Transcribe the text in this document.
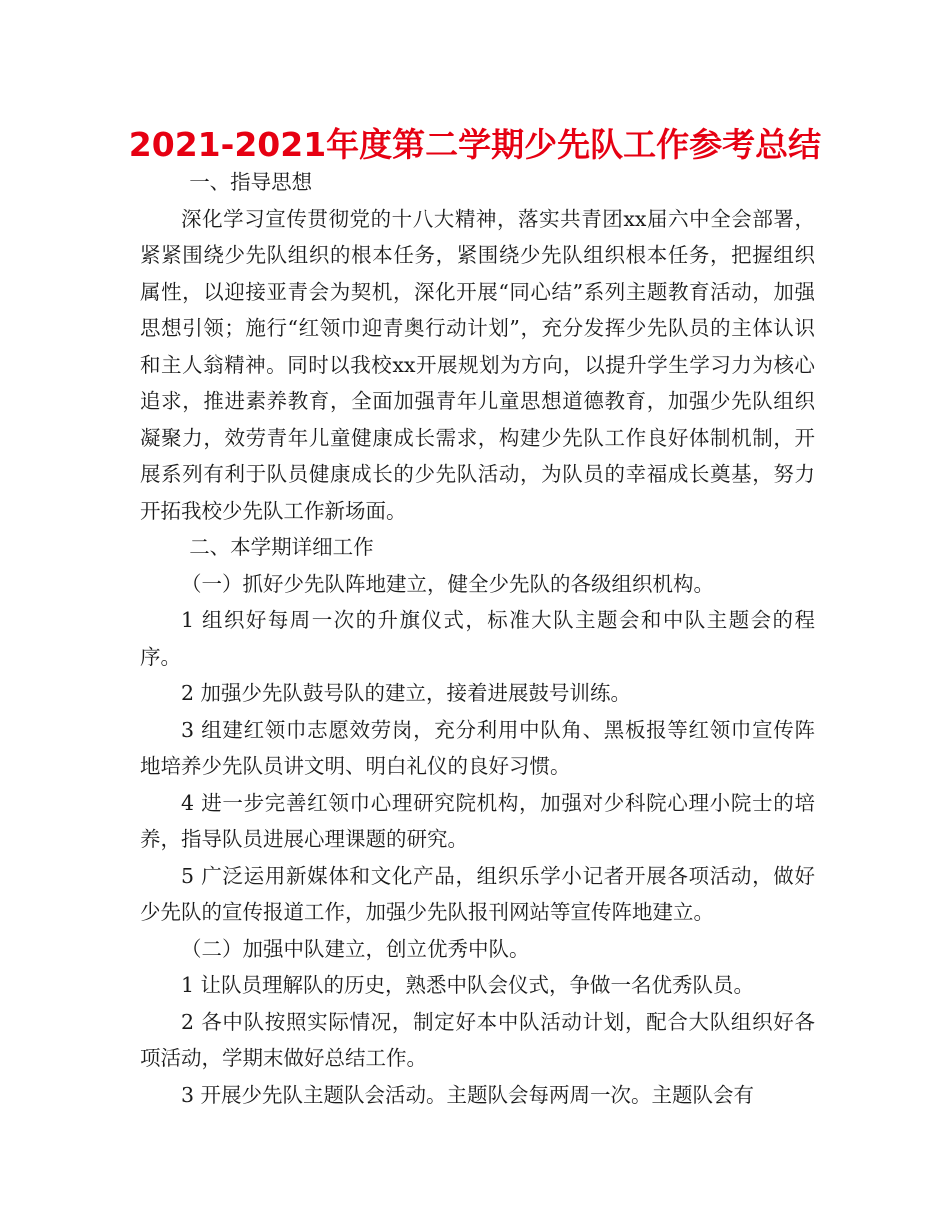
2021-2021年度第二学期少先队工作参考总结

一、指导思想

深化学习宣传贯彻党的十八大精神，落实共青团xx届六中全会部署，紧紧围绕少先队组织的根本任务，紧围绕少先队组织根本任务，把握组织属性，以迎接亚青会为契机，深化开展“同心结”系列主题教育活动，加强思想引领；施行“红领巾迎青奥行动计划”，充分发挥少先队员的主体认识和主人翁精神。同时以我校xx开展规划为方向，以提升学生学习力为核心追求，推进素养教育，全面加强青年儿童思想道德教育，加强少先队组织凝聚力，效劳青年儿童健康成长需求，构建少先队工作良好体制机制，开展系列有利于队员健康成长的少先队活动，为队员的幸福成长奠基，努力开拓我校少先队工作新场面。

二、本学期详细工作

（一）抓好少先队阵地建立，健全少先队的各级组织机构。

1 组织好每周一次的升旗仪式，标准大队主题会和中队主题会的程序。

2 加强少先队鼓号队的建立，接着进展鼓号训练。

3 组建红领巾志愿效劳岗，充分利用中队角、黑板报等红领巾宣传阵地培养少先队员讲文明、明白礼仪的良好习惯。

4 进一步完善红领巾心理研究院机构，加强对少科院心理小院士的培养，指导队员进展心理课题的研究。

5 广泛运用新媒体和文化产品，组织乐学小记者开展各项活动，做好少先队的宣传报道工作，加强少先队报刊网站等宣传阵地建立。

（二）加强中队建立，创立优秀中队。

1 让队员理解队的历史，熟悉中队会仪式，争做一名优秀队员。

2 各中队按照实际情况，制定好本中队活动计划，配合大队组织好各项活动，学期末做好总结工作。

3 开展少先队主题队会活动。主题队会每两周一次。主题队会有
